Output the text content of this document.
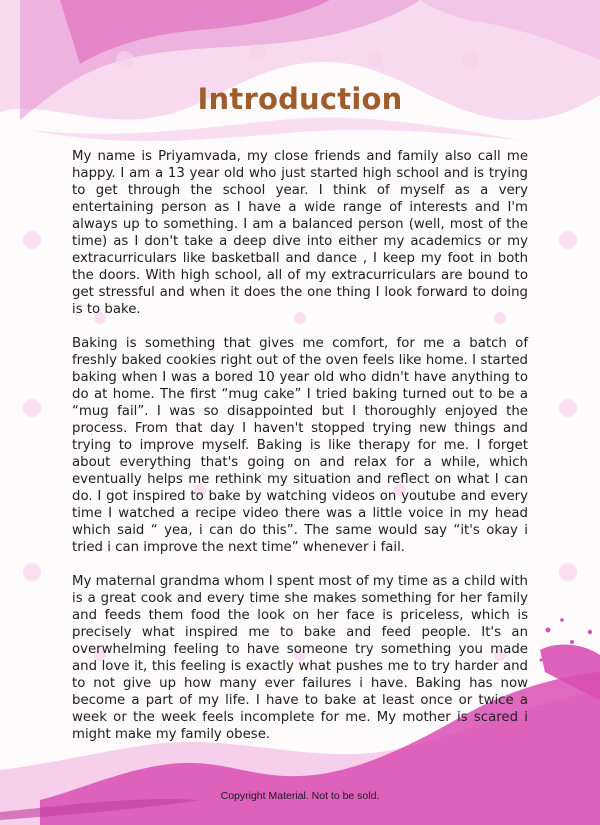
Introduction

My name is Priyamvada, my close friends and family also call me happy. I am a 13 year old who just started high school and is trying to get through the school year. I think of myself as a very entertaining person as I have a wide range of interests and I'm always up to something. I am a balanced person (well, most of the time) as I don't take a deep dive into either my academics or my extracurriculars like basketball and dance , I keep my foot in both the doors. With high school, all of my extracurriculars are bound to get stressful and when it does the one thing I look forward to doing is to bake.

Baking is something that gives me comfort, for me a batch of freshly baked cookies right out of the oven feels like home. I started baking when I was a bored 10 year old who didn't have anything to do at home. The first “mug cake” I tried baking turned out to be a “mug fail”. I was so disappointed but I thoroughly enjoyed the process. From that day I haven't stopped trying new things and trying to improve myself. Baking is like therapy for me. I forget about everything that's going on and relax for a while, which eventually helps me rethink my situation and reflect on what I can do. I got inspired to bake by watching videos on youtube and every time I watched a recipe video there was a little voice in my head which said “ yea, i can do this”. The same would say “it's okay i tried i can improve the next time” whenever i fail.

My maternal grandma whom I spent most of my time as a child with is a great cook and every time she makes something for her family and feeds them food the look on her face is priceless, which is precisely what inspired me to bake and feed people. It's an overwhelming feeling to have someone try something you made and love it, this feeling is exactly what pushes me to try harder and to not give up how many ever failures i have. Baking has now become a part of my life. I have to bake at least once or twice a week or the week feels incomplete for me. My mother is scared i might make my family obese.

Copyright Material. Not to be sold.
